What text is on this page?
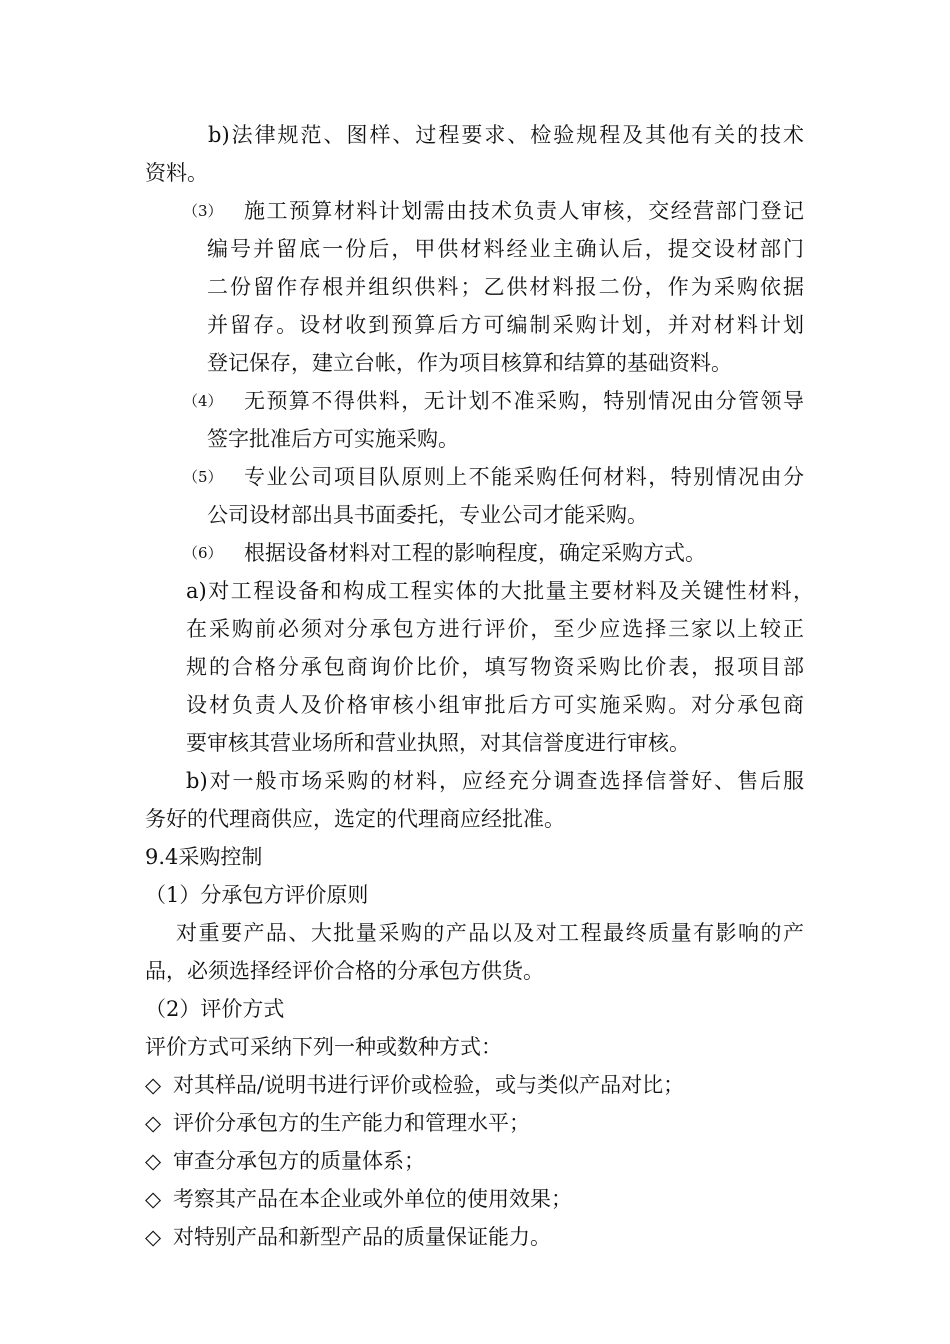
b)法律规范、图样、过程要求、检验规程及其他有关的技术
资料。
（3） 施工预算材料计划需由技术负责人审核，交经营部门登记
编号并留底一份后，甲供材料经业主确认后，提交设材部门
二份留作存根并组织供料；乙供材料报二份，作为采购依据
并留存。设材收到预算后方可编制采购计划，并对材料计划
登记保存，建立台帐，作为项目核算和结算的基础资料。
（4） 无预算不得供料，无计划不准采购，特别情况由分管领导
签字批准后方可实施采购。
（5） 专业公司项目队原则上不能采购任何材料，特别情况由分
公司设材部出具书面委托，专业公司才能采购。
（6） 根据设备材料对工程的影响程度，确定采购方式。
a)对工程设备和构成工程实体的大批量主要材料及关键性材料，
在采购前必须对分承包方进行评价，至少应选择三家以上较正
规的合格分承包商询价比价，填写物资采购比价表，报项目部
设材负责人及价格审核小组审批后方可实施采购。对分承包商
要审核其营业场所和营业执照，对其信誉度进行审核。
b)对一般市场采购的材料，应经充分调查选择信誉好、售后服
务好的代理商供应，选定的代理商应经批准。
9.4采购控制
（1）分承包方评价原则
对重要产品、大批量采购的产品以及对工程最终质量有影响的产
品，必须选择经评价合格的分承包方供货。
（2）评价方式
评价方式可采纳下列一种或数种方式：
◇ 对其样品/说明书进行评价或检验，或与类似产品对比；
◇ 评价分承包方的生产能力和管理水平；
◇ 审查分承包方的质量体系；
◇ 考察其产品在本企业或外单位的使用效果；
◇ 对特别产品和新型产品的质量保证能力。
